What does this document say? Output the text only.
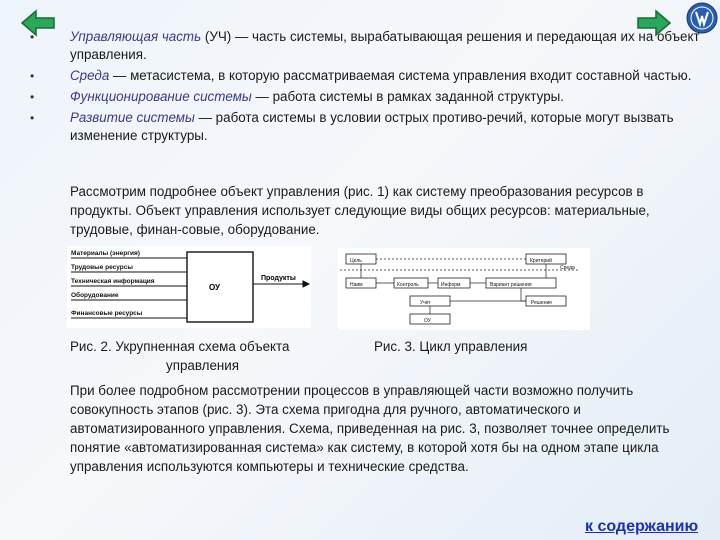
•	Управляющая часть (УЧ) — часть системы, вырабатывающая решения и передающая их на объект управления.
•	Среда — метасистема, в которую рассматриваемая система управления входит составной частью.
•	Функционирование системы — работа системы в рамках заданной структуры.
•	Развитие системы — работа системы в условии острых противо-речий, которые могут вызвать изменение структуры.

Рассмотрим подробнее объект управления (рис. 1) как систему преобразования ресурсов в продукты. Объект управления использует следующие виды общих ресурсов: материальные, трудовые, финан-совые, оборудование.

Материалы (энергия)
Трудовые ресурсы
Техническая информация
Оборудование
Финансовые ресурсы
ОУ
Продукты
Цель	Критерий
Среда
Наим	Контроль	Информ	Вариант решения
Учёт	Решение
ОУ
Рис. 2. Укрупненная схема объекта
управления
Рис. 3. Цикл управления

При более подробном рассмотрении процессов в управляющей части возможно получить совокупность этапов (рис. 3). Эта схема пригодна для ручного, автоматического и автоматизированного управления. Схема, приведенная на рис. 3, позволяет точнее определить понятие «автоматизированная система» как систему, в которой хотя бы на одном этапе цикла управления используются компьютеры и технические средства.

к содержанию
